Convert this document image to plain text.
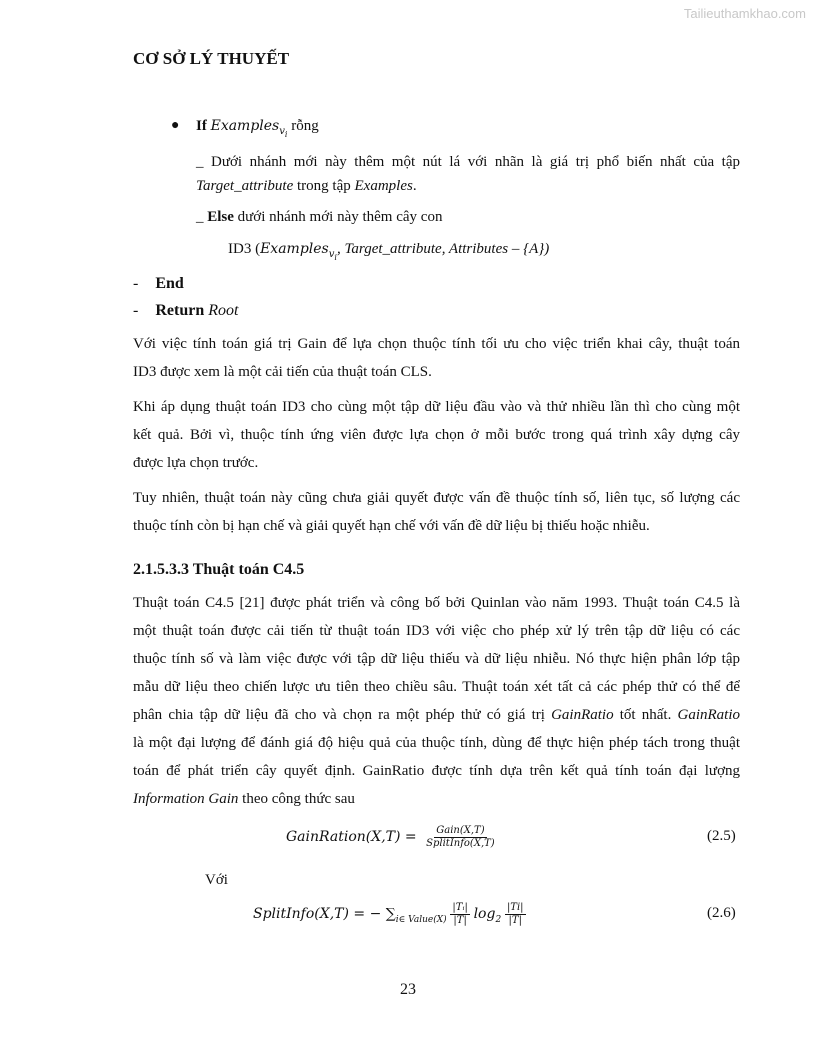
Tailieuthamkhao.com
CƠ SỞ LÝ THUYẾT
● If Examples$_{v_i}$ rỗng
_ Dưới nhánh mới này thêm một nút lá với nhãn là giá trị phổ biến nhất của tập
Target_attribute trong tập Examples.
_ Else dưới nhánh mới này thêm cây con
ID3 (Examples$_{v_i}$, Target_attribute, Attributes – {A})
- End
- Return Root
Với việc tính toán giá trị Gain để lựa chọn thuộc tính tối ưu cho việc triển khai cây, thuật toán
ID3 được xem là một cải tiến của thuật toán CLS.
Khi áp dụng thuật toán ID3 cho cùng một tập dữ liệu đầu vào và thử nhiều lần thì cho cùng một
kết quả. Bởi vì, thuộc tính ứng viên được lựa chọn ở mỗi bước trong quá trình xây dựng cây
được lựa chọn trước.
Tuy nhiên, thuật toán này cũng chưa giải quyết được vấn đề thuộc tính số, liên tục, số lượng các
thuộc tính còn bị hạn chế và giải quyết hạn chế với vấn đề dữ liệu bị thiếu hoặc nhiễu.
2.1.5.3.3 Thuật toán C4.5
Thuật toán C4.5 [21] được phát triển và công bố bởi Quinlan vào năm 1993. Thuật toán C4.5 là
một thuật toán được cải tiến từ thuật toán ID3 với việc cho phép xử lý trên tập dữ liệu có các
thuộc tính số và làm việc được với tập dữ liệu thiếu và dữ liệu nhiễu. Nó thực hiện phân lớp tập
mẫu dữ liệu theo chiến lược ưu tiên theo chiều sâu. Thuật toán xét tất cả các phép thử có thể để
phân chia tập dữ liệu đã cho và chọn ra một phép thử có giá trị GainRatio tốt nhất. GainRatio
là một đại lượng để đánh giá độ hiệu quả của thuộc tính, dùng để thực hiện phép tách trong thuật
toán để phát triển cây quyết định. GainRatio được tính dựa trên kết quả tính toán đại lượng
Information Gain theo công thức sau
GainRation(X,T) = $\frac{\text{Gain(X,T)}}{\text{SplitInfo(X,T)}}$	(2.5)
Với
SplitInfo(X,T) = − $\sum_{i\in Value(X)} \frac{\text{|Tᵢ|}}{|T|} \log_2 \frac{|Ti|}{|T|}$	(2.6)
23
